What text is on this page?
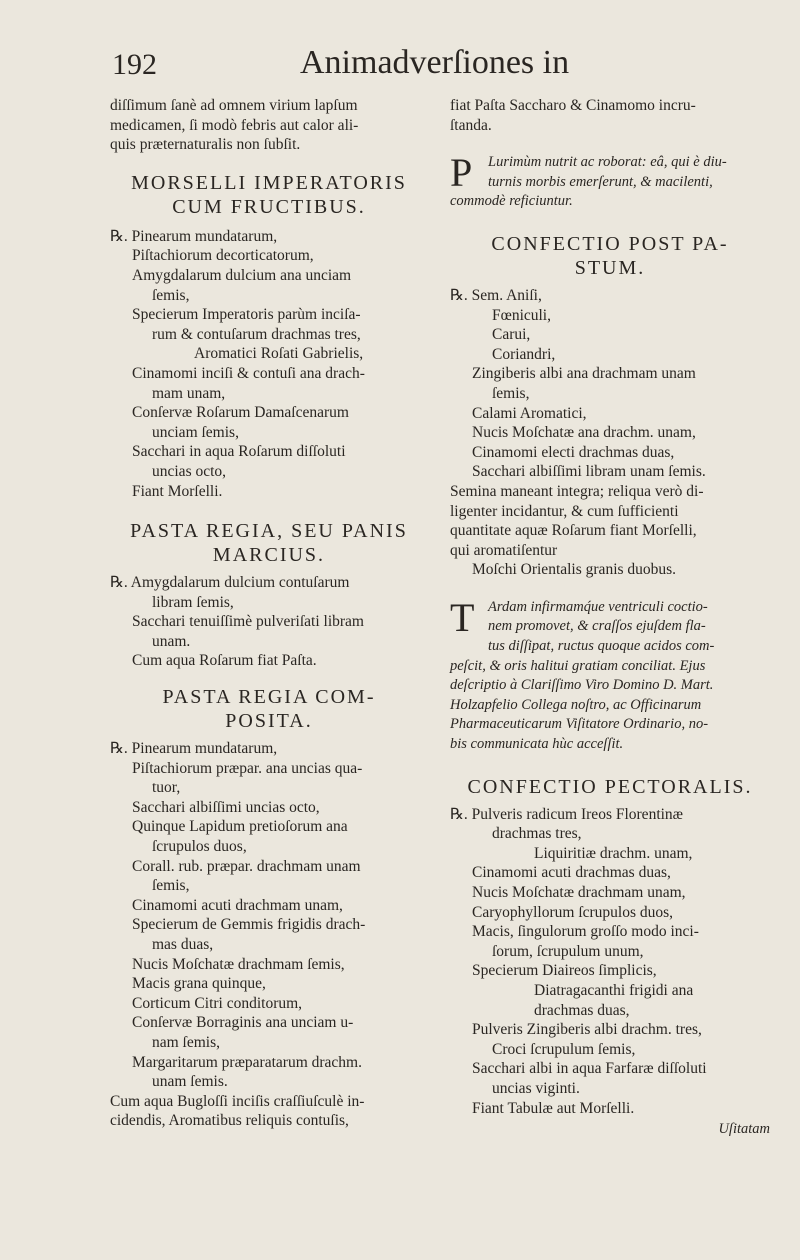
192	Animadverſiones in
diſſimum ſanè ad omnem virium lapſum
medicamen, ſi modò febris aut calor ali-
quis præternaturalis non ſubſit.
MORSELLI IMPERATORIS
CUM FRUCTIBUS.
℞. Pinearum mundatarum,
Piſtachiorum decorticatorum,
Amygdalarum dulcium ana unciam
ſemis,
Specierum Imperatoris parùm inciſa-
rum & contuſarum drachmas tres,
Aromatici Roſati Gabrielis,
Cinamomi inciſi & contuſi ana drach-
mam unam,
Conſervæ Roſarum Damaſcenarum
unciam ſemis,
Sacchari in aqua Roſarum diſſoluti
uncias octo,
Fiant Morſelli.
PASTA REGIA, SEU PANIS
MARCIUS.
℞. Amygdalarum dulcium contuſarum
libram ſemis,
Sacchari tenuiſſimè pulveriſati libram
unam.
Cum aqua Roſarum fiat Paſta.
PASTA REGIA COM-
POSITA.
℞. Pinearum mundatarum,
Piſtachiorum præpar. ana uncias qua-
tuor,
Sacchari albiſſimi uncias octo,
Quinque Lapidum pretioſorum ana
ſcrupulos duos,
Corall. rub. præpar. drachmam unam
ſemis,
Cinamomi acuti drachmam unam,
Specierum de Gemmis frigidis drach-
mas duas,
Nucis Moſchatæ drachmam ſemis,
Macis grana quinque,
Corticum Citri conditorum,
Conſervæ Borraginis ana unciam u-
nam ſemis,
Margaritarum præparatarum drachm.
unam ſemis.
Cum aqua Bugloſſi inciſis craſſiuſculè in-
cidendis, Aromatibus reliquis contuſis,
fiat Paſta Saccharo & Cinamomo incru-
ſtanda.
P	Lurimùm nutrit ac roborat: eâ, qui è diu-
turnis morbis emerſerunt, & macilenti,
commodè reficiuntur.
CONFECTIO POST PA-
STUM.
℞. Sem. Aniſi,
Fœniculi,
Carui,
Coriandri,
Zingiberis albi ana drachmam unam
ſemis,
Calami Aromatici,
Nucis Moſchatæ ana drachm. unam,
Cinamomi electi drachmas duas,
Sacchari albiſſimi libram unam ſemis.
Semina maneant integra; reliqua verò di-
ligenter incidantur, & cum ſufficienti
quantitate aquæ Roſarum fiant Morſelli,
qui aromatiſentur
Moſchi Orientalis granis duobus.
T Ardam infirmamq́ue ventriculi coctio-
nem promovet, & craſſos ejuſdem fla-
tus diſſipat, ructus quoque acidos com-
peſcit, & oris halitui gratiam conciliat. Ejus
deſcriptio à Clariſſimo Viro Domino D. Mart.
Holzapfelio Collega noſtro, ac Officinarum
Pharmaceuticarum Viſitatore Ordinario, no-
bis communicata hùc acceſſit.
CONFECTIO PECTORALIS.
℞. Pulveris radicum Ireos Florentinæ
drachmas tres,
Liquiritiæ drachm. unam,
Cinamomi acuti drachmas duas,
Nucis Moſchatæ drachmam unam,
Caryophyllorum ſcrupulos duos,
Macis, ſingulorum groſſo modo inci-
ſorum, ſcrupulum unum,
Specierum Diaireos ſimplicis,
Diatragacanthi frigidi ana
drachmas duas,
Pulveris Zingiberis albi drachm. tres,
Croci ſcrupulum ſemis,
Sacchari albi in aqua Farfaræ diſſoluti
uncias viginti.
Fiant Tabulæ aut Morſelli.
Uſitatam
